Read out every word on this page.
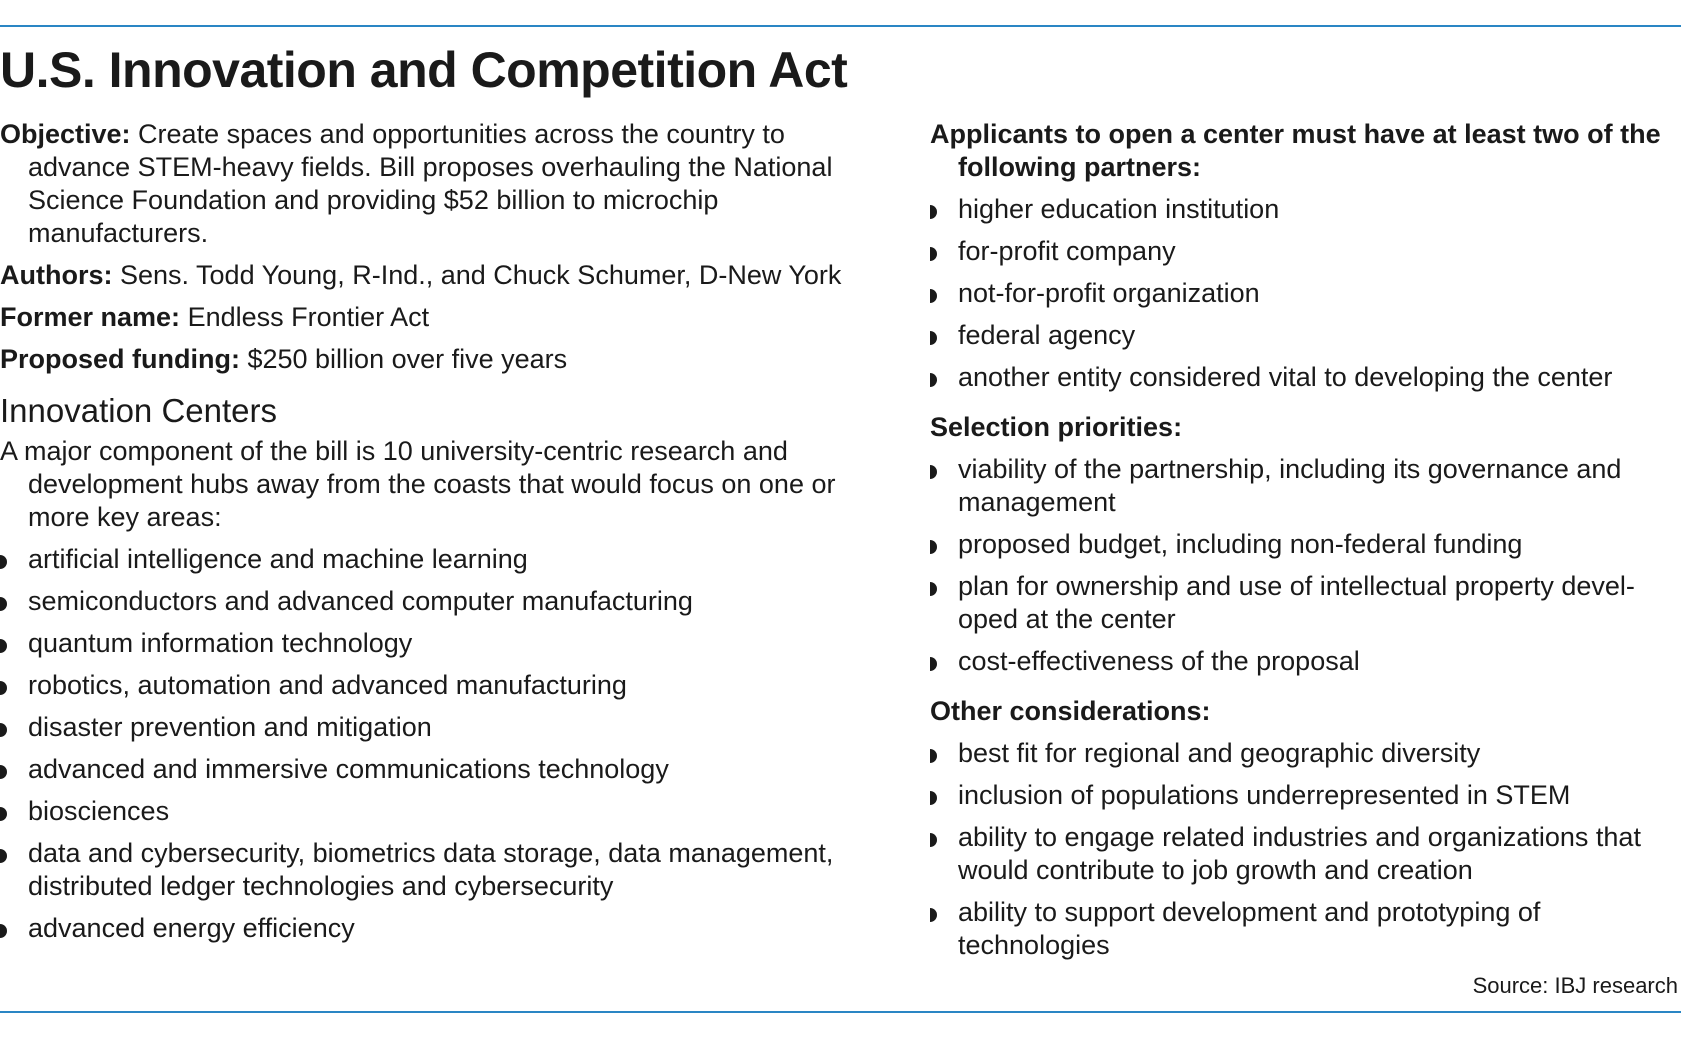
U.S. Innovation and Competition Act

Objective: Create spaces and opportunities across the country to advance STEM-heavy fields. Bill proposes overhauling the National Science Foundation and providing $52 billion to microchip manufacturers.

Authors: Sens. Todd Young, R-Ind., and Chuck Schumer, D-New York

Former name: Endless Frontier Act

Proposed funding: $250 billion over five years

Innovation Centers

A major component of the bill is 10 university-centric research and development hubs away from the coasts that would focus on one or more key areas:

artificial intelligence and machine learning
semiconductors and advanced computer manufacturing
quantum information technology
robotics, automation and advanced manufacturing
disaster prevention and mitigation
advanced and immersive communications technology
biosciences
data and cybersecurity, biometrics data storage, data management, distributed ledger technologies and cybersecurity
advanced energy efficiency
Applicants to open a center must have at least two of the following partners:
higher education institution
for-profit company
not-for-profit organization
federal agency
another entity considered vital to developing the center
Selection priorities:
viability of the partnership, including its governance and management
proposed budget, including non-federal funding
plan for ownership and use of intellectual property developed at the center
cost-effectiveness of the proposal
Other considerations:
best fit for regional and geographic diversity
inclusion of populations underrepresented in STEM
ability to engage related industries and organizations that would contribute to job growth and creation
ability to support development and prototyping of technologies
Source: IBJ research
